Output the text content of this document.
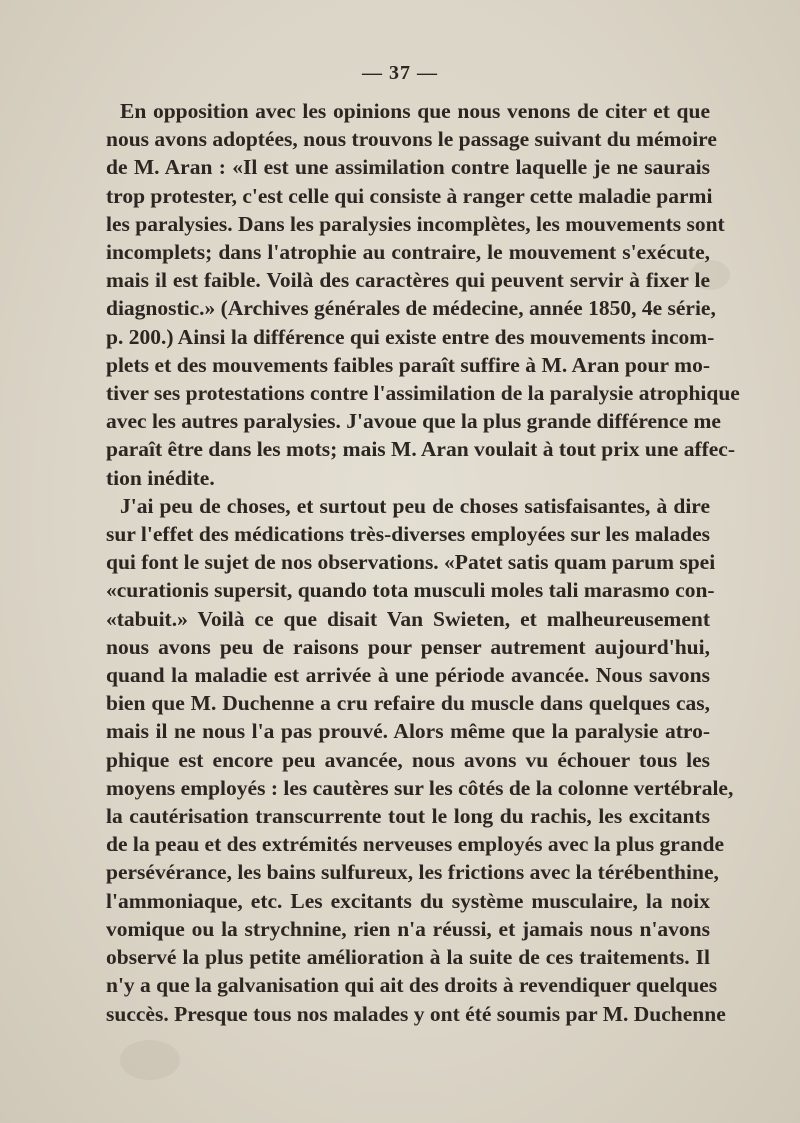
— 37 —
En opposition avec les opinions que nous venons de citer et que
nous avons adoptées, nous trouvons le passage suivant du mémoire
de M. Aran : «Il est une assimilation contre laquelle je ne saurais
trop protester, c'est celle qui consiste à ranger cette maladie parmi
les paralysies. Dans les paralysies incomplètes, les mouvements sont
incomplets; dans l'atrophie au contraire, le mouvement s'exécute,
mais il est faible. Voilà des caractères qui peuvent servir à fixer le
diagnostic.» (Archives générales de médecine, année 1850, 4e série,
p. 200.) Ainsi la différence qui existe entre des mouvements incom-
plets et des mouvements faibles paraît suffire à M. Aran pour mo-
tiver ses protestations contre l'assimilation de la paralysie atrophique
avec les autres paralysies. J'avoue que la plus grande différence me
paraît être dans les mots; mais M. Aran voulait à tout prix une affec-
tion inédite.
J'ai peu de choses, et surtout peu de choses satisfaisantes, à dire
sur l'effet des médications très-diverses employées sur les malades
qui font le sujet de nos observations. «Patet satis quam parum spei
«curationis supersit, quando tota musculi moles tali marasmo con-
«tabuit.» Voilà ce que disait Van Swieten, et malheureusement
nous avons peu de raisons pour penser autrement aujourd'hui,
quand la maladie est arrivée à une période avancée. Nous savons
bien que M. Duchenne a cru refaire du muscle dans quelques cas,
mais il ne nous l'a pas prouvé. Alors même que la paralysie atro-
phique est encore peu avancée, nous avons vu échouer tous les
moyens employés : les cautères sur les côtés de la colonne vertébrale,
la cautérisation transcurrente tout le long du rachis, les excitants
de la peau et des extrémités nerveuses employés avec la plus grande
persévérance, les bains sulfureux, les frictions avec la térébenthine,
l'ammoniaque, etc. Les excitants du système musculaire, la noix
vomique ou la strychnine, rien n'a réussi, et jamais nous n'avons
observé la plus petite amélioration à la suite de ces traitements. Il
n'y a que la galvanisation qui ait des droits à revendiquer quelques
succès. Presque tous nos malades y ont été soumis par M. Duchenne
